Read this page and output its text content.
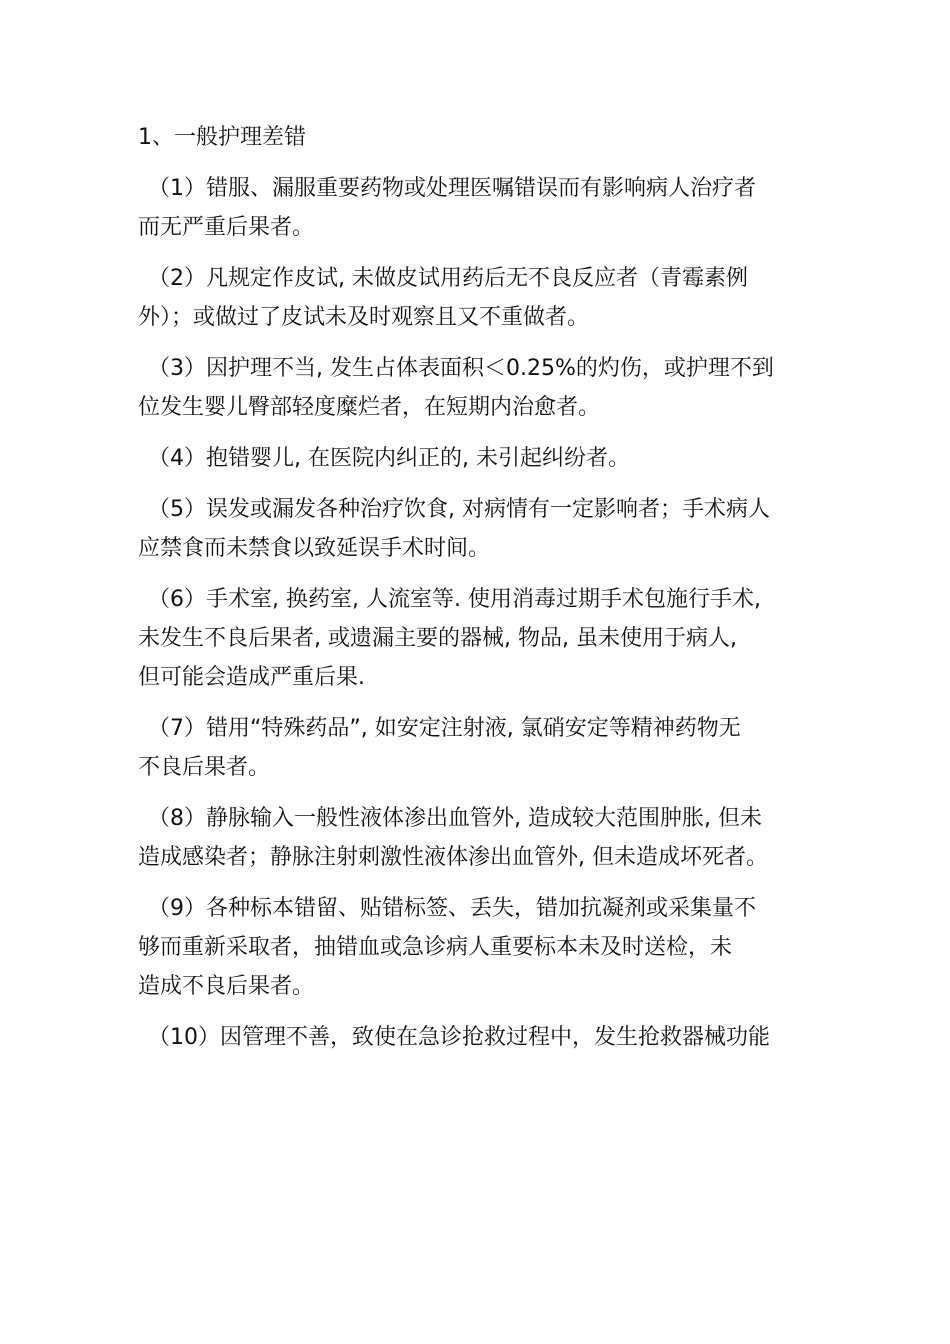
1、一般护理差错
（1）错服、漏服重要药物或处理医嘱错误而有影响病人治疗者
而无严重后果者。
（2）凡规定作皮试, 未做皮试用药后无不良反应者（青霉素例
外）；或做过了皮试未及时观察且又不重做者。
（3）因护理不当, 发生占体表面积＜0.25%的灼伤，或护理不到
位发生婴儿臀部轻度糜烂者，在短期内治愈者。
（4）抱错婴儿, 在医院内纠正的, 未引起纠纷者。
（5）误发或漏发各种治疗饮食, 对病情有一定影响者；手术病人
应禁食而未禁食以致延误手术时间。
（6）手术室, 换药室, 人流室等. 使用消毒过期手术包施行手术,
未发生不良后果者, 或遗漏主要的器械, 物品, 虽未使用于病人,
但可能会造成严重后果.
（7）错用“特殊药品”, 如安定注射液, 氯硝安定等精神药物无
不良后果者。
（8）静脉输入一般性液体渗出血管外, 造成较大范围肿胀, 但未
造成感染者；静脉注射刺激性液体渗出血管外, 但未造成坏死者。
（9）各种标本错留、贴错标签、丢失，错加抗凝剂或采集量不
够而重新采取者，抽错血或急诊病人重要标本未及时送检，未
造成不良后果者。
（10）因管理不善，致使在急诊抢救过程中，发生抢救器械功能
